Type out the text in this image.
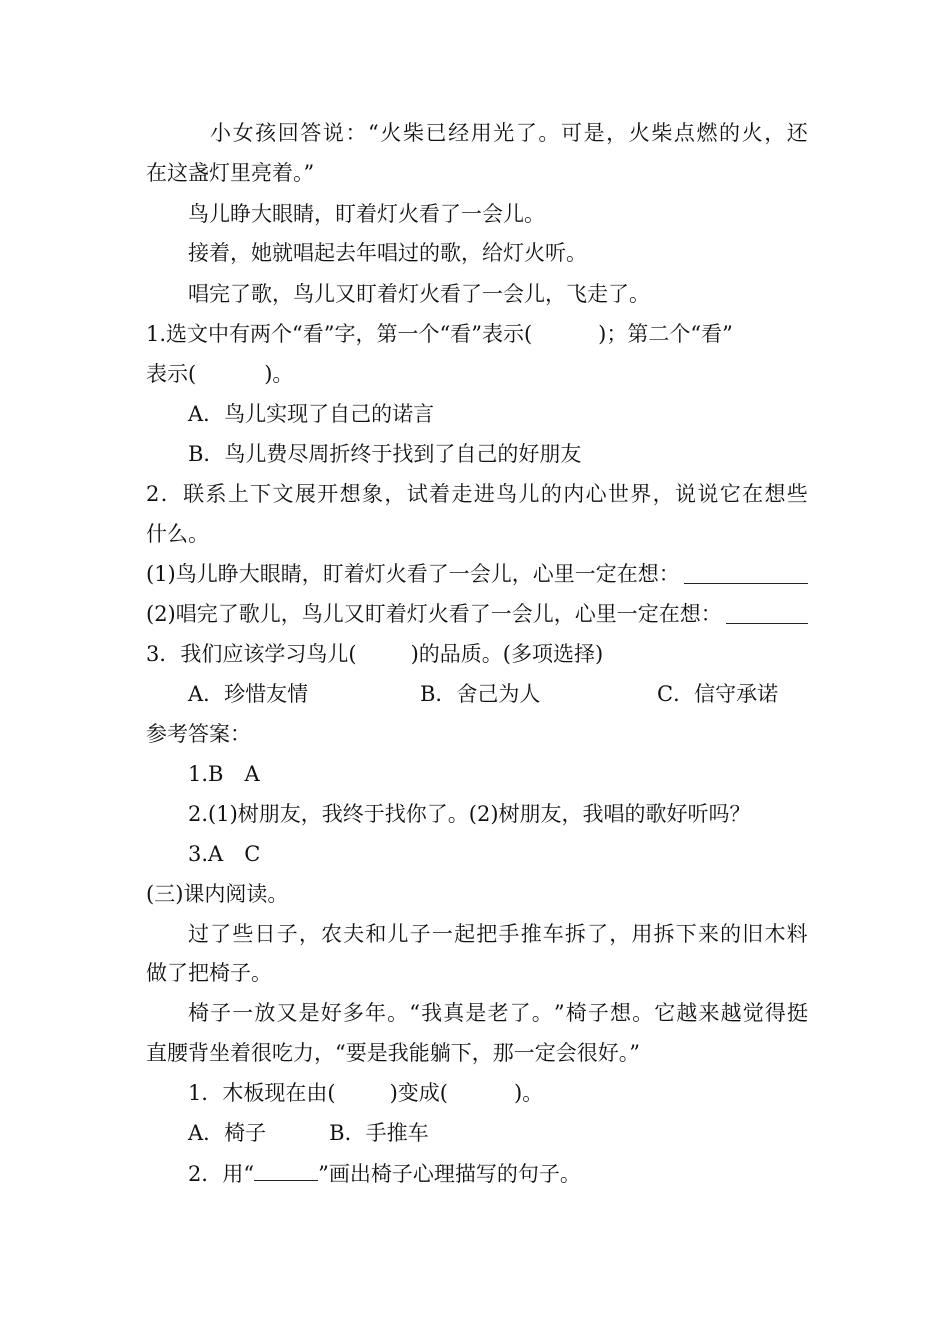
小 女 孩 回 答 说 ： “ 火 柴 已 经 用 光 了 。 可 是 ， 火 柴 点 燃 的 火 ， 还
在这盏灯里亮着。”
鸟儿睁大眼睛，盯着灯火看了一会儿。
接着，她就唱起去年唱过的歌，给灯火听。
唱完了歌，鸟儿又盯着灯火看了一会儿，飞走了。
1.选文中有两个“看”字，第一个“看”表示(	)；第二个“看”
表示(	)。
A．鸟儿实现了自己的诺言
B．鸟儿费尽周折终于找到了自己的好朋友
2 ． 联 系 上 下 文 展 开 想 象 ， 试 着 走 进 鸟 儿 的 内 心 世 界 ， 说 说 它 在 想 些
什么。
(1)鸟儿睁大眼睛，盯着灯火看了一会儿，心里一定在想：
(2)唱完了歌儿，鸟儿又盯着灯火看了一会儿，心里一定在想：
3．我们应该学习鸟儿(	)的品质。(多项选择)
A．珍惜友情	B．舍己为人	C．信守承诺
参考答案：
1.B　A
2.(1)树朋友，我终于找你了。(2)树朋友，我唱的歌好听吗？
3.A　C
(三)课内阅读。
过 了 些 日 子 ， 农 夫 和 儿 子 一 起 把 手 推 车 拆 了 ， 用 拆 下 来 的 旧 木 料
做了把椅子。
椅 子 一 放 又 是 好 多 年 。 “ 我 真 是 老 了 。 ” 椅 子 想 。 它 越 来 越 觉 得 挺
直腰背坐着很吃力，“要是我能躺下，那一定会很好。”
1．木板现在由(	)变成(	)。
A．椅子　　　B．手推车
2．用“	”画出椅子心理描写的句子。
